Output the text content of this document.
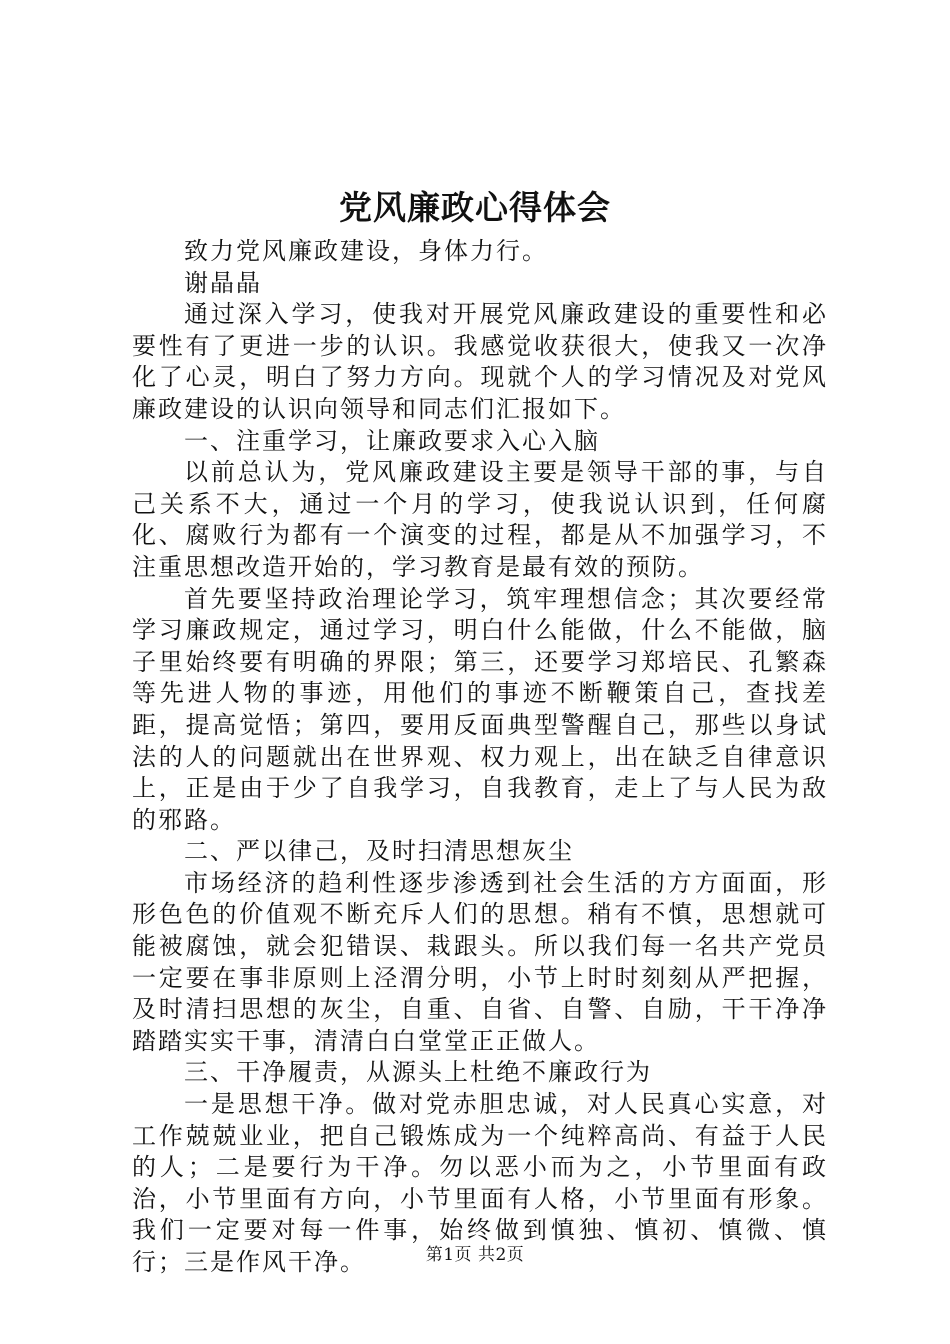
党风廉政心得体会

致力党风廉政建设，身体力行。

谢晶晶

通过深入学习，使我对开展党风廉政建设的重要性和必要性有了更进一步的认识。我感觉收获很大，使我又一次净化了心灵，明白了努力方向。现就个人的学习情况及对党风廉政建设的认识向领导和同志们汇报如下。

一、注重学习，让廉政要求入心入脑

以前总认为，党风廉政建设主要是领导干部的事，与自己关系不大，通过一个月的学习，使我说认识到，任何腐化、腐败行为都有一个演变的过程，都是从不加强学习，不注重思想改造开始的，学习教育是最有效的预防。

首先要坚持政治理论学习，筑牢理想信念；其次要经常学习廉政规定，通过学习，明白什么能做，什么不能做，脑子里始终要有明确的界限；第三，还要学习郑培民、孔繁森等先进人物的事迹，用他们的事迹不断鞭策自己，查找差距，提高觉悟；第四，要用反面典型警醒自己，那些以身试法的人的问题就出在世界观、权力观上，出在缺乏自律意识上，正是由于少了自我学习，自我教育，走上了与人民为敌的邪路。

二、严以律己，及时扫清思想灰尘

市场经济的趋利性逐步渗透到社会生活的方方面面，形形色色的价值观不断充斥人们的思想。稍有不慎，思想就可能被腐蚀，就会犯错误、栽跟头。所以我们每一名共产党员一定要在事非原则上泾渭分明，小节上时时刻刻从严把握，及时清扫思想的灰尘，自重、自省、自警、自励，干干净净踏踏实实干事，清清白白堂堂正正做人。

三、干净履责，从源头上杜绝不廉政行为

一是思想干净。做对党赤胆忠诚，对人民真心实意，对工作兢兢业业，把自己锻炼成为一个纯粹高尚、有益于人民的人；二是要行为干净。勿以恶小而为之，小节里面有政治，小节里面有方向，小节里面有人格，小节里面有形象。我们一定要对每一件事，始终做到慎独、慎初、慎微、慎行；三是作风干净。	第1页 共2页
